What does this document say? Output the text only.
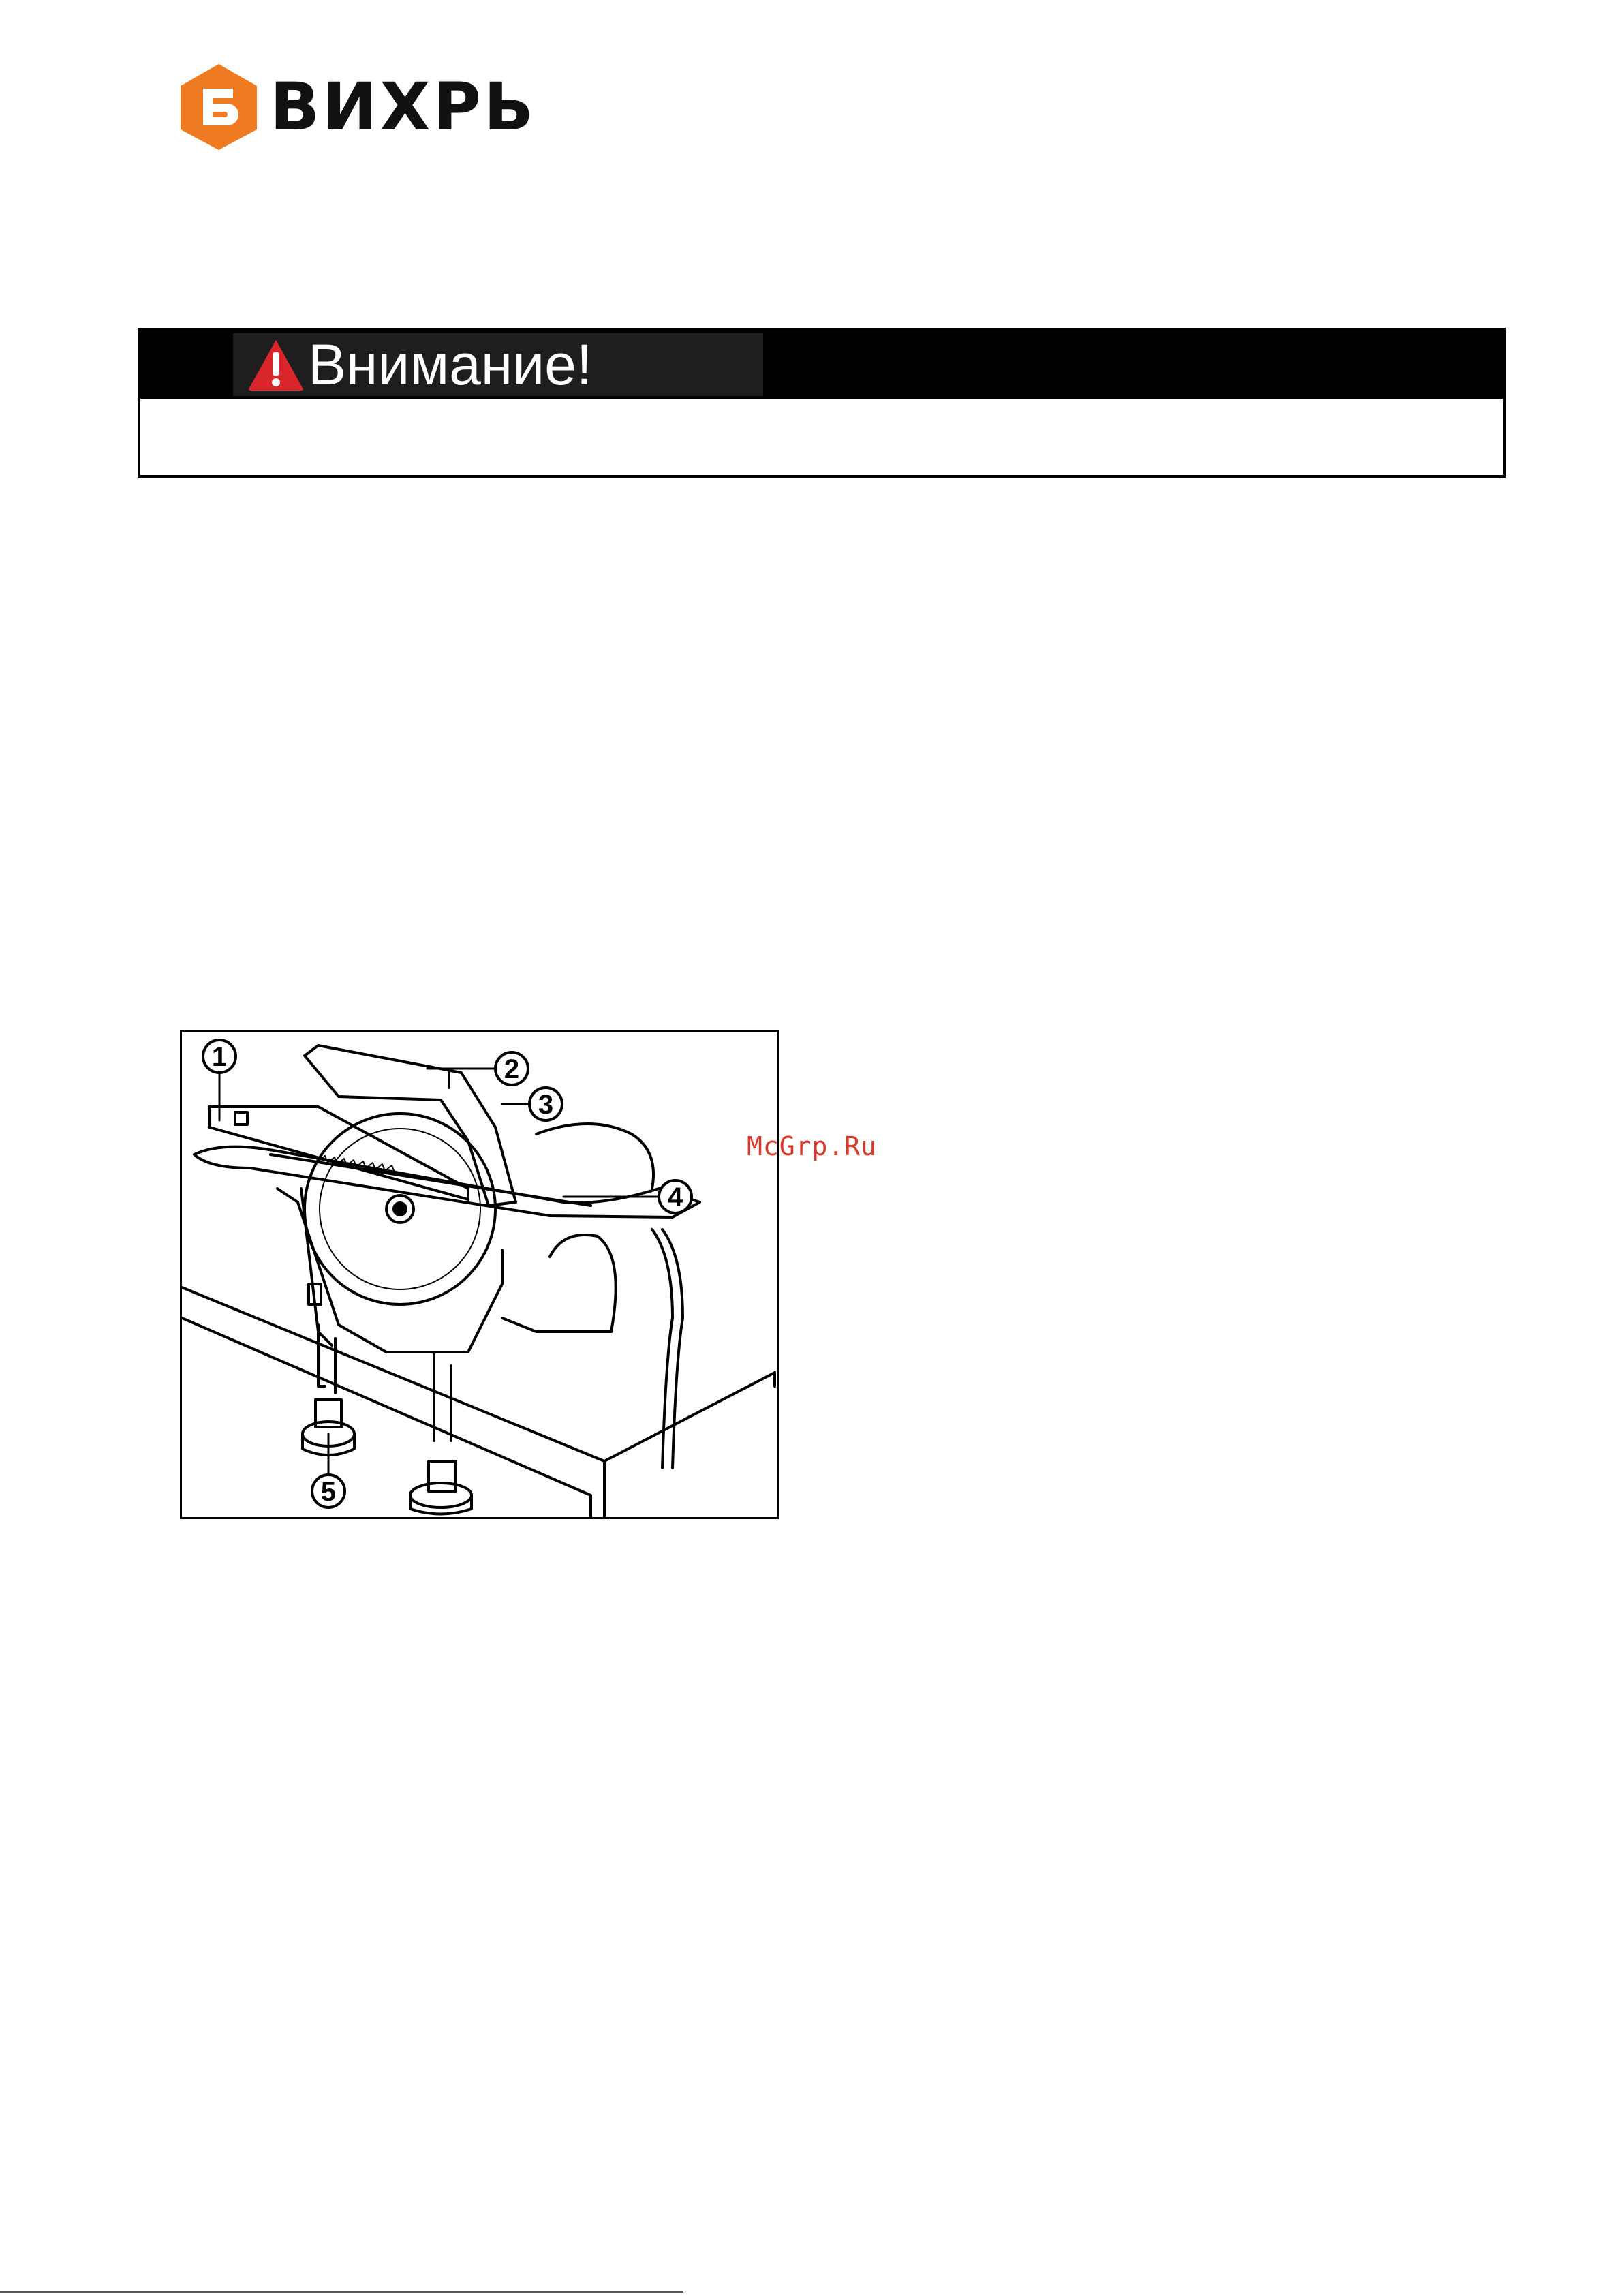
ВИХРЬ
Внимание!
1	2
3
4
5
McGrp.Ru
